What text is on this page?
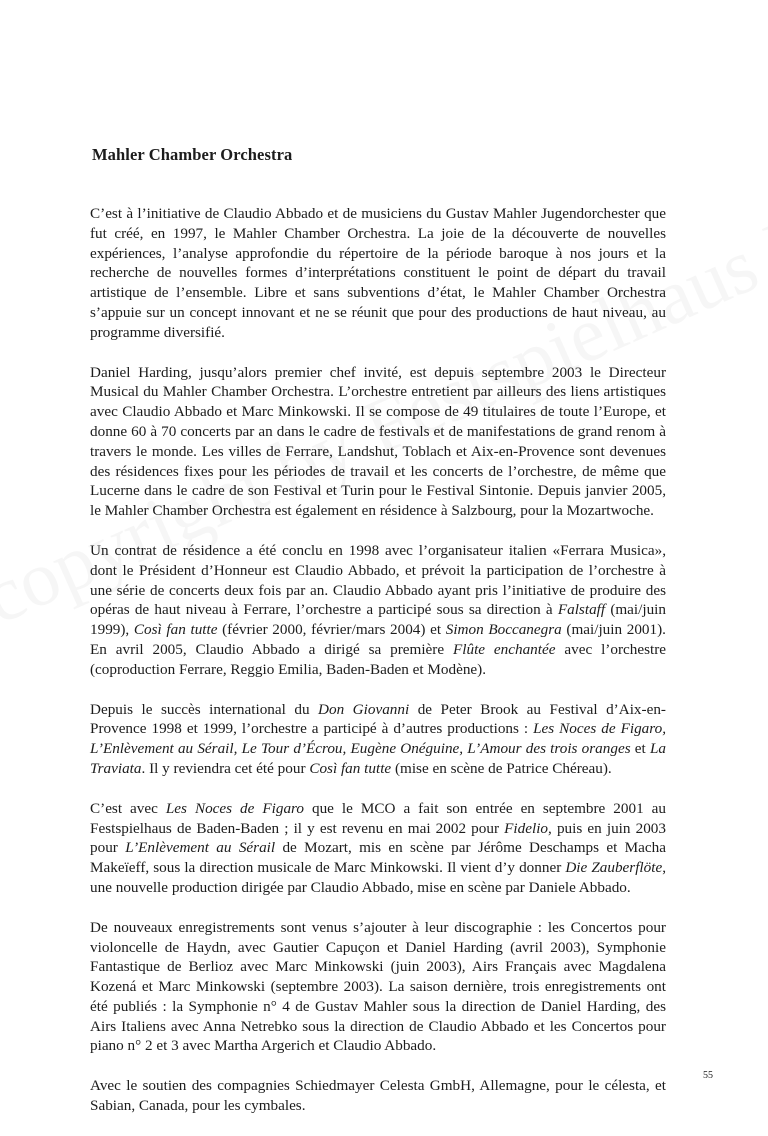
Mahler Chamber Orchestra

C’est à l’initiative de Claudio Abbado et de musiciens du Gustav Mahler Jugendorchester que fut créé, en 1997, le Mahler Chamber Orchestra. La joie de la découverte de nouvelles expériences, l’analyse approfondie du répertoire de la période baroque à nos jours et la recherche de nouvelles formes d’interprétations constituent le point de départ du travail artistique de l’ensemble. Libre et sans subventions d’état, le Mahler Chamber Orchestra s’appuie sur un concept innovant et ne se réunit que pour des productions de haut niveau, au programme diversifié.

Daniel Harding, jusqu’alors premier chef invité, est depuis septembre 2003 le Directeur Musical du Mahler Chamber Orchestra. L’orchestre entretient par ailleurs des liens artistiques avec Claudio Abbado et Marc Minkowski. Il se compose de 49 titulaires de toute l’Europe, et donne 60 à 70 concerts par an dans le cadre de festivals et de manifestations de grand renom à travers le monde. Les villes de Ferrare, Landshut, Toblach et Aix-en-Provence sont devenues des résidences fixes pour les périodes de travail et les concerts de l’orchestre, de même que Lucerne dans le cadre de son Festival et Turin pour le Festival Sintonie. Depuis janvier 2005, le Mahler Chamber Orchestra est également en résidence à Salzbourg, pour la Mozartwoche.

Un contrat de résidence a été conclu en 1998 avec l’organisateur italien «Ferrara Musica», dont le Président d’Honneur est Claudio Abbado, et prévoit la participation de l’orchestre à une série de concerts deux fois par an. Claudio Abbado ayant pris l’initiative de produire des opéras de haut niveau à Ferrare, l’orchestre a participé sous sa direction à Falstaff (mai/juin 1999), Così fan tutte (février 2000, février/mars 2004) et Simon Boccanegra (mai/juin 2001). En avril 2005, Claudio Abbado a dirigé sa première Flûte enchantée avec l’orchestre (coproduction Ferrare, Reggio Emilia, Baden-Baden et Modène).

Depuis le succès international du Don Giovanni de Peter Brook au Festival d’Aix-en-Provence 1998 et 1999, l’orchestre a participé à d’autres productions : Les Noces de Figaro, L’Enlèvement au Sérail, Le Tour d’Écrou, Eugène Onéguine, L’Amour des trois oranges et La Traviata. Il y reviendra cet été pour Così fan tutte (mise en scène de Patrice Chéreau).

C’est avec Les Noces de Figaro que le MCO a fait son entrée en septembre 2001 au Festspielhaus de Baden-Baden ; il y est revenu en mai 2002 pour Fidelio, puis en juin 2003 pour L’Enlèvement au Sérail de Mozart, mis en scène par Jérôme Deschamps et Macha Makeïeff, sous la direction musicale de Marc Minkowski. Il vient d’y donner Die Zauberflöte, une nouvelle production dirigée par Claudio Abbado, mise en scène par Daniele Abbado.

De nouveaux enregistrements sont venus s’ajouter à leur discographie : les Concertos pour violoncelle de Haydn, avec Gautier Capuçon et Daniel Harding (avril 2003), Symphonie Fantastique de Berlioz avec Marc Minkowski (juin 2003), Airs Français avec Magdalena Kozená et Marc Minkowski (septembre 2003). La saison dernière, trois enregistrements ont été publiés : la Symphonie n° 4 de Gustav Mahler sous la direction de Daniel Harding, des Airs Italiens avec Anna Netrebko sous la direction de Claudio Abbado et les Concertos pour piano n° 2 et 3 avec Martha Argerich et Claudio Abbado.

Avec le soutien des compagnies Schiedmayer Celesta GmbH, Allemagne, pour le célesta, et Sabian, Canada, pour les cymbales.

55
